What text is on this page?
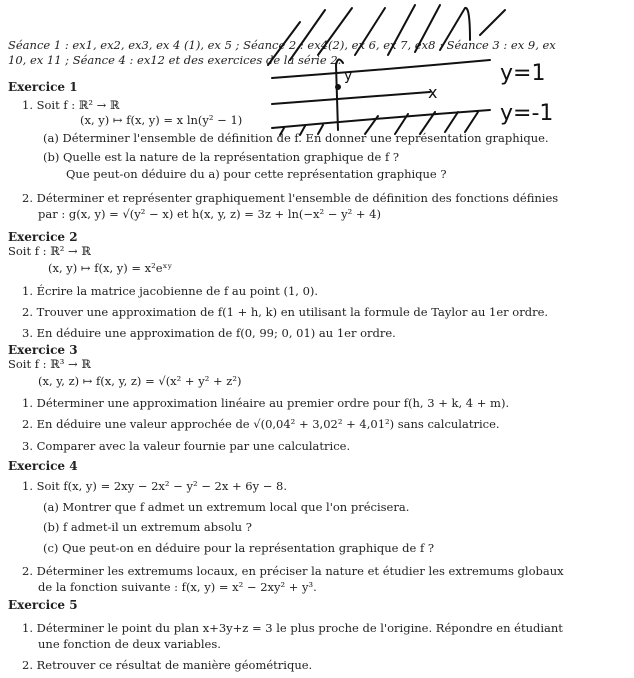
Séance 1 : ex1, ex2, ex3, ex 4 (1), ex 5 ; Séance 2 : ex4(2), ex 6, ex 7, ex8 ; Séance 3 : ex 9, ex
10, ex 11 ; Séance 4 : ex12 et des exercices de la série 2.
Exercice 1
1. Soit f : ℝ² → ℝ
(x, y) ↦ f(x, y) = x ln(y² − 1)
(a) Déterminer l'ensemble de définition de f. En donner une représentation graphique.
(b) Quelle est la nature de la représentation graphique de f ?
Que peut-on déduire du a) pour cette représentation graphique ?
2. Déterminer et représenter graphiquement l'ensemble de définition des fonctions définies
par : g(x, y) = √(y² − x) et h(x, y, z) = 3z + ln(−x² − y² + 4)
Exercice 2
Soit f : ℝ² → ℝ
(x, y) ↦ f(x, y) = x²eˣʸ
1. Écrire la matrice jacobienne de f au point (1, 0).
2. Trouver une approximation de f(1 + h, k) en utilisant la formule de Taylor au 1er ordre.
3. En déduire une approximation de f(0, 99; 0, 01) au 1er ordre.
Exercice 3
Soit f : ℝ³ → ℝ
(x, y, z) ↦ f(x, y, z) = √(x² + y² + z²)
1. Déterminer une approximation linéaire au premier ordre pour f(h, 3 + k, 4 + m).
2. En déduire une valeur approchée de √(0,04² + 3,02² + 4,01²) sans calculatrice.
3. Comparer avec la valeur fournie par une calculatrice.
Exercice 4
1. Soit f(x, y) = 2xy − 2x² − y² − 2x + 6y − 8.
(a) Montrer que f admet un extremum local que l'on précisera.
(b) f admet-il un extremum absolu ?
(c) Que peut-on en déduire pour la représentation graphique de f ?
2. Déterminer les extremums locaux, en préciser la nature et étudier les extremums globaux
de la fonction suivante : f(x, y) = x² − 2xy² + y³.
Exercice 5
1. Déterminer le point du plan x+3y+z = 3 le plus proche de l'origine. Répondre en étudiant
une fonction de deux variables.
2. Retrouver ce résultat de manière géométrique.
y
x
y=1
y=-1
